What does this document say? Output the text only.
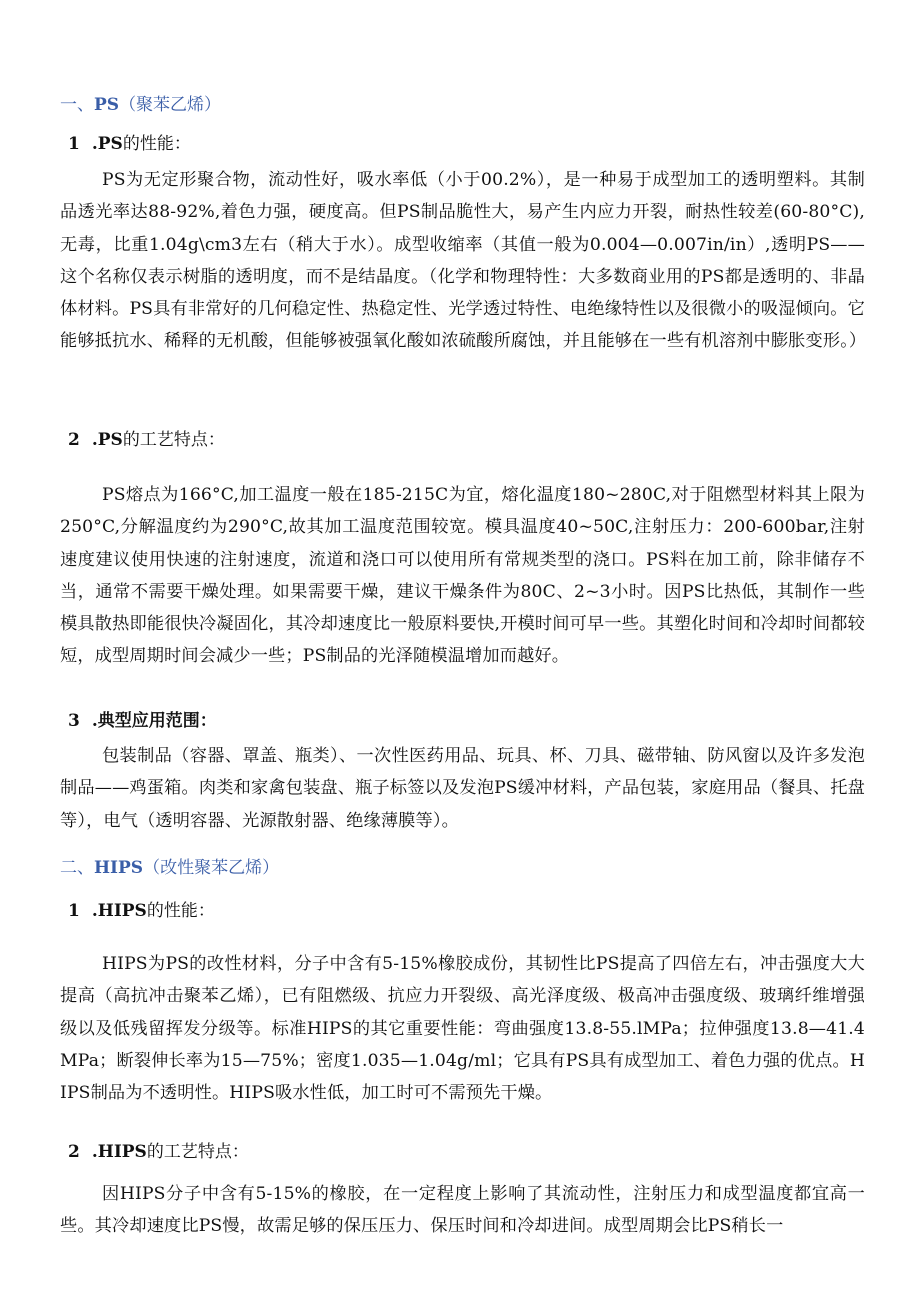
一、PS（聚苯乙烯）
1 .PS的性能：

PS为无定形聚合物，流动性好，吸水率低（小于00.2%），是一种易于成型加工的透明塑料。其制品透光率达88-92%,着色力强，硬度高。但PS制品脆性大，易产生内应力开裂，耐热性较差(60-80°C),无毒，比重1.04g\cm3左右（稍大于水）。成型收缩率（其值一般为0.004—0.007in/in）,透明PS——这个名称仅表示树脂的透明度，而不是结晶度。（化学和物理特性：大多数商业用的PS都是透明的、非晶体材料。PS具有非常好的几何稳定性、热稳定性、光学透过特性、电绝缘特性以及很微小的吸湿倾向。它能够抵抗水、稀释的无机酸，但能够被强氧化酸如浓硫酸所腐蚀，并且能够在一些有机溶剂中膨胀变形。）

2 .PS的工艺特点：

PS熔点为166°C,加工温度一般在185-215C为宜，熔化温度180~280C,对于阻燃型材料其上限为250°C,分解温度约为290°C,故其加工温度范围较宽。模具温度40~50C,注射压力：200-600bar,注射速度建议使用快速的注射速度，流道和浇口可以使用所有常规类型的浇口。PS料在加工前，除非储存不当，通常不需要干燥处理。如果需要干燥，建议干燥条件为80C、2~3小时。因PS比热低，其制作一些模具散热即能很快冷凝固化，其冷却速度比一般原料要快,开模时间可早一些。其塑化时间和冷却时间都较短，成型周期时间会减少一些；PS制品的光泽随模温增加而越好。

3 .典型应用范围：

包装制品（容器、罩盖、瓶类）、一次性医药用品、玩具、杯、刀具、磁带轴、防风窗以及许多发泡制品——鸡蛋箱。肉类和家禽包装盘、瓶子标签以及发泡PS缓冲材料，产品包装，家庭用品（餐具、托盘等），电气（透明容器、光源散射器、绝缘薄膜等）。

二、HIPS（改性聚苯乙烯）
1 .HIPS的性能：

HIPS为PS的改性材料，分子中含有5-15%橡胶成份，其韧性比PS提高了四倍左右，冲击强度大大提高（高抗冲击聚苯乙烯），已有阻燃级、抗应力开裂级、高光泽度级、极高冲击强度级、玻璃纤维增强级以及低残留挥发分级等。标准HIPS的其它重要性能：弯曲强度13.8-55.lMPa；拉伸强度13.8—41.4MPa；断裂伸长率为15—75%；密度1.035—1.04g/ml；它具有PS具有成型加工、着色力强的优点。HIPS制品为不透明性。HIPS吸水性低，加工时可不需预先干燥。

2 .HIPS的工艺特点：

因HIPS分子中含有5-15%的橡胶，在一定程度上影响了其流动性，注射压力和成型温度都宜高一些。其冷却速度比PS慢，故需足够的保压压力、保压时间和冷却进间。成型周期会比PS稍长一
